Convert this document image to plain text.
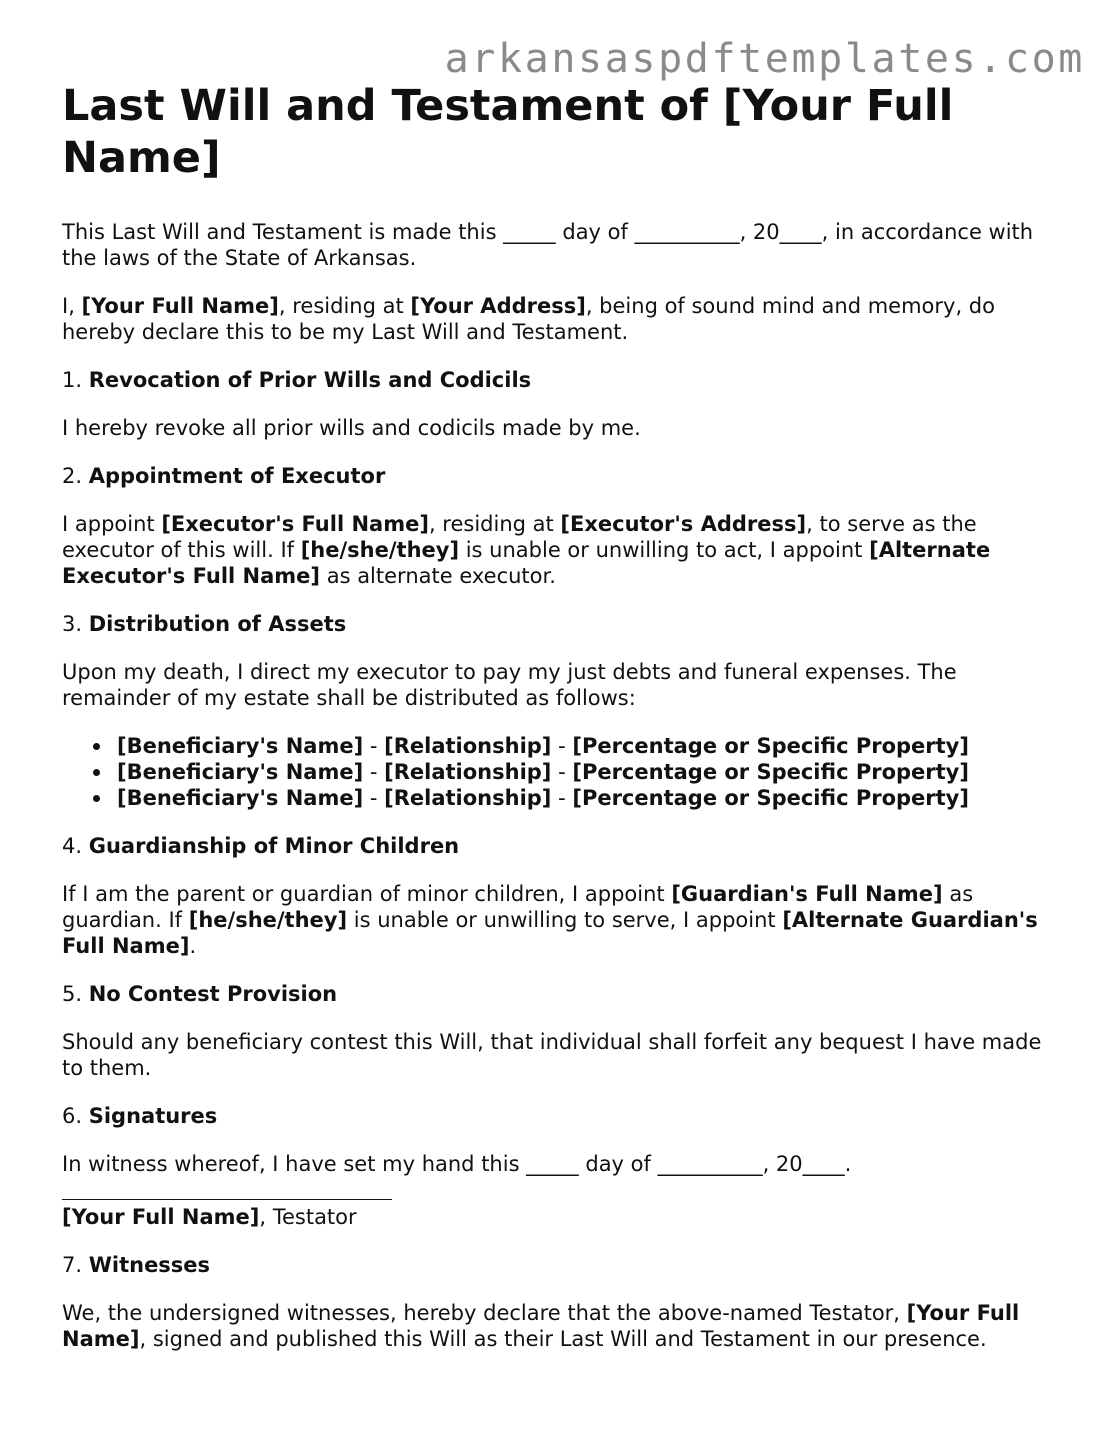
arkansaspdftemplates.com
Last Will and Testament of [Your Full Name]

This Last Will and Testament is made this _____ day of __________, 20____, in accordance with the laws of the State of Arkansas.

I, [Your Full Name], residing at [Your Address], being of sound mind and memory, do hereby declare this to be my Last Will and Testament.

1. Revocation of Prior Wills and Codicils

I hereby revoke all prior wills and codicils made by me.

2. Appointment of Executor

I appoint [Executor's Full Name], residing at [Executor's Address], to serve as the executor of this will. If [he/she/they] is unable or unwilling to act, I appoint [Alternate Executor's Full Name] as alternate executor.

3. Distribution of Assets

Upon my death, I direct my executor to pay my just debts and funeral expenses. The remainder of my estate shall be distributed as follows:

[Beneficiary's Name] - [Relationship] - [Percentage or Specific Property]
[Beneficiary's Name] - [Relationship] - [Percentage or Specific Property]
[Beneficiary's Name] - [Relationship] - [Percentage or Specific Property]

4. Guardianship of Minor Children

If I am the parent or guardian of minor children, I appoint [Guardian's Full Name] as guardian. If [he/she/they] is unable or unwilling to serve, I appoint [Alternate Guardian's Full Name].

5. No Contest Provision

Should any beneficiary contest this Will, that individual shall forfeit any bequest I have made to them.

6. Signatures

In witness whereof, I have set my hand this _____ day of __________, 20____.

[Your Full Name], Testator

7. Witnesses

We, the undersigned witnesses, hereby declare that the above-named Testator, [Your Full Name], signed and published this Will as their Last Will and Testament in our presence.
